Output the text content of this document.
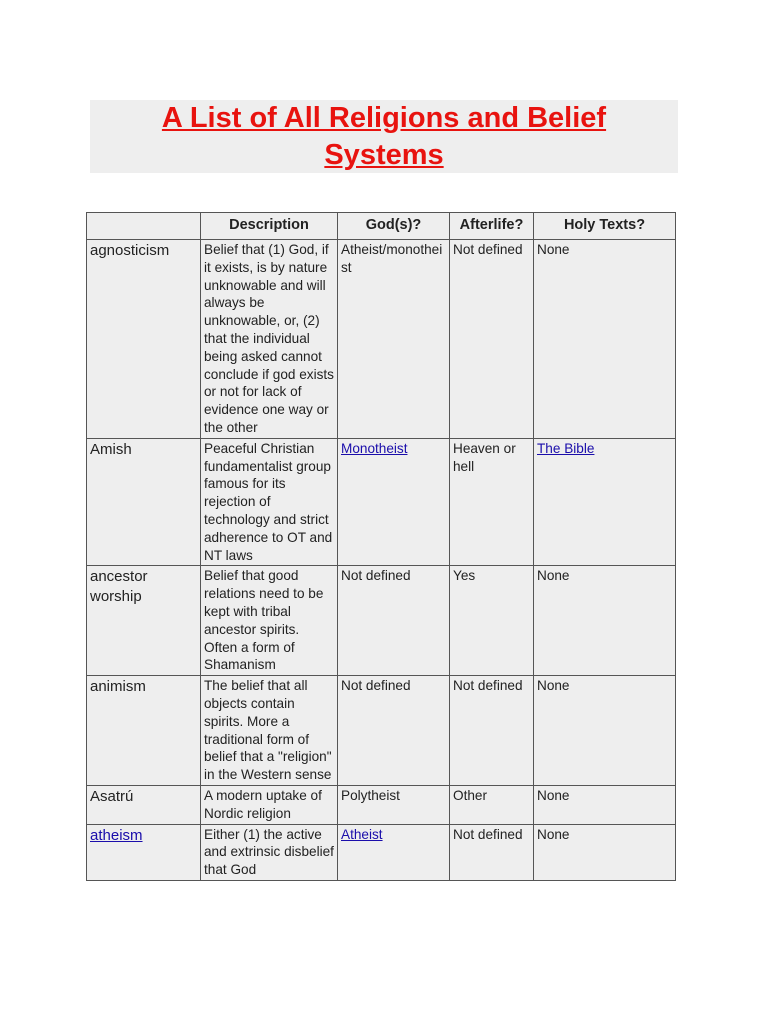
A List of All Religions and Belief Systems
	Description	God(s)?	Afterlife?	Holy Texts?
agnosticism	Belief that (1) God, if it exists, is by nature unknowable and will always be unknowable, or, (2) that the individual being asked cannot conclude if god exists or not for lack of evidence one way or the other	Atheist/monotheist	Not defined	None
Amish	Peaceful Christian fundamentalist group famous for its rejection of technology and strict adherence to OT and NT laws	Monotheist	Heaven or hell	The Bible
ancestor worship	Belief that good relations need to be kept with tribal ancestor spirits. Often a form of Shamanism	Not defined	Yes	None
animism	The belief that all objects contain spirits. More a traditional form of belief that a "religion" in the Western sense	Not defined	Not defined	None
Asatrú	A modern uptake of Nordic religion	Polytheist	Other	None
atheism	Either (1) the active and extrinsic disbelief that God	Atheist	Not defined	None
